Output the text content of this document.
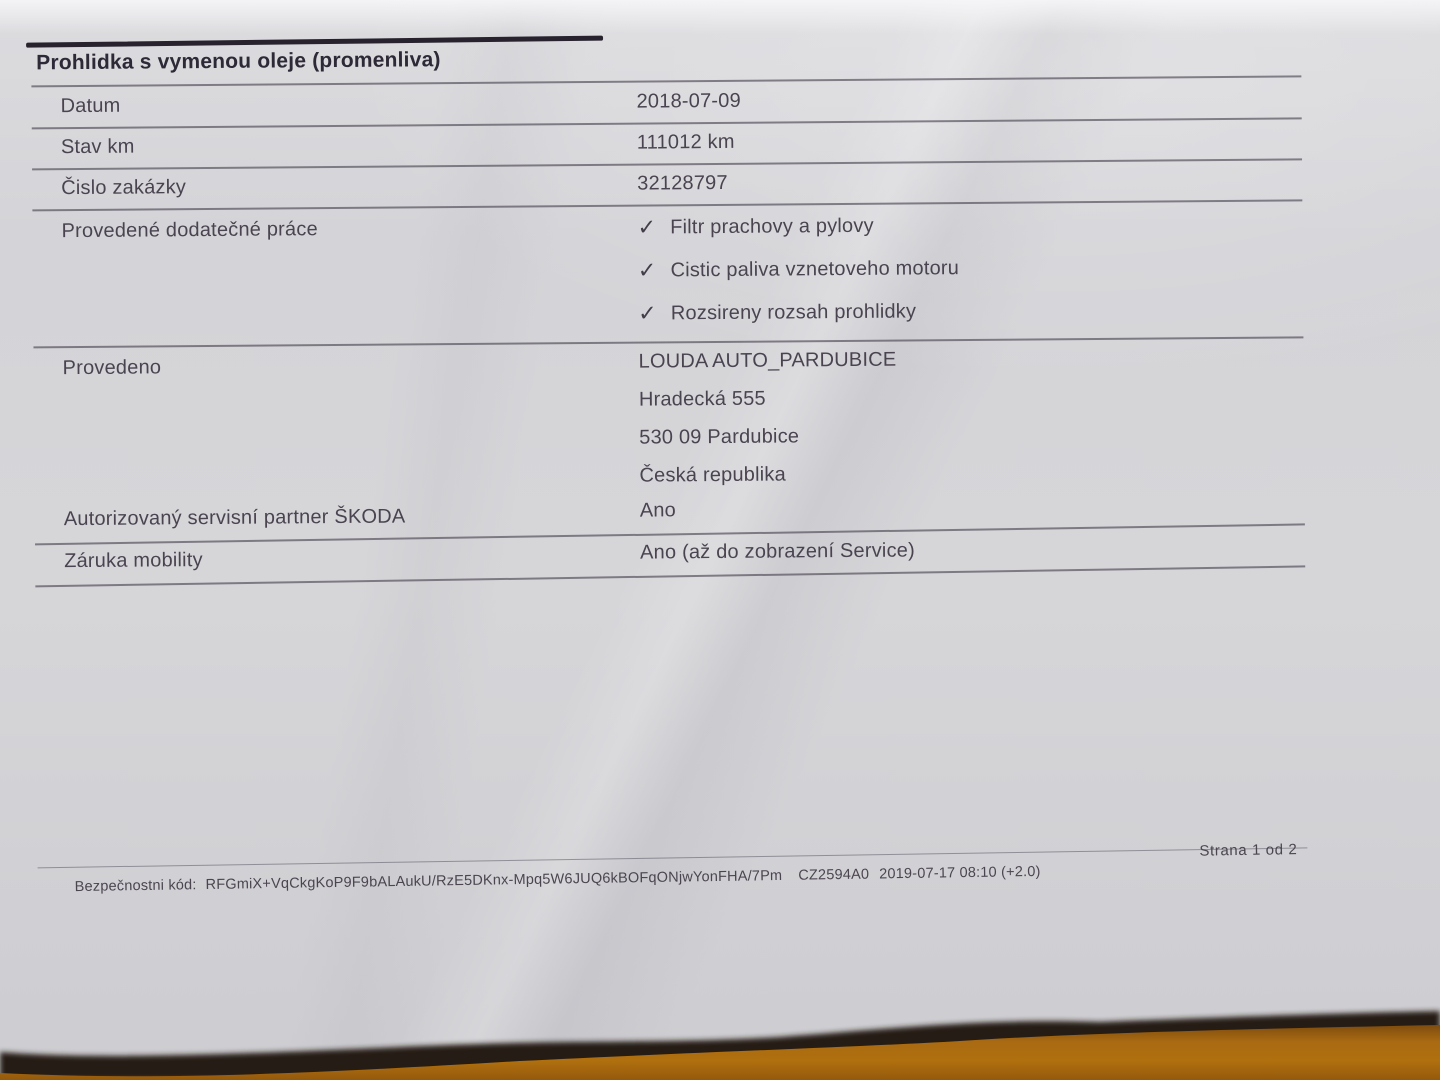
Prohlidka s vymenou oleje (promenliva)
Datum	2018-07-09
Stav km	111012 km
Čislo zakázky	32128797
Provedené dodatečné práce	✓ Filtr prachovy a pylovy
✓ Cistic paliva vznetoveho motoru
✓ Rozsireny rozsah prohlidky
Provedeno	LOUDA AUTO_PARDUBICE
Hradecká 555
530 09 Pardubice
Česká republika
Autorizovaný servisní partner ŠKODA	Ano
Záruka mobility	Ano (až do zobrazení Service)
Bezpečnostni kód: RFGmiX+VqCkgKoP9F9bALAukU/RzE5DKnx-Mpq5W6JUQ6kBOFqONjwYonFHA/7Pm CZ2594A0 2019-07-17 08:10 (+2.0)
Strana 1 od 2
